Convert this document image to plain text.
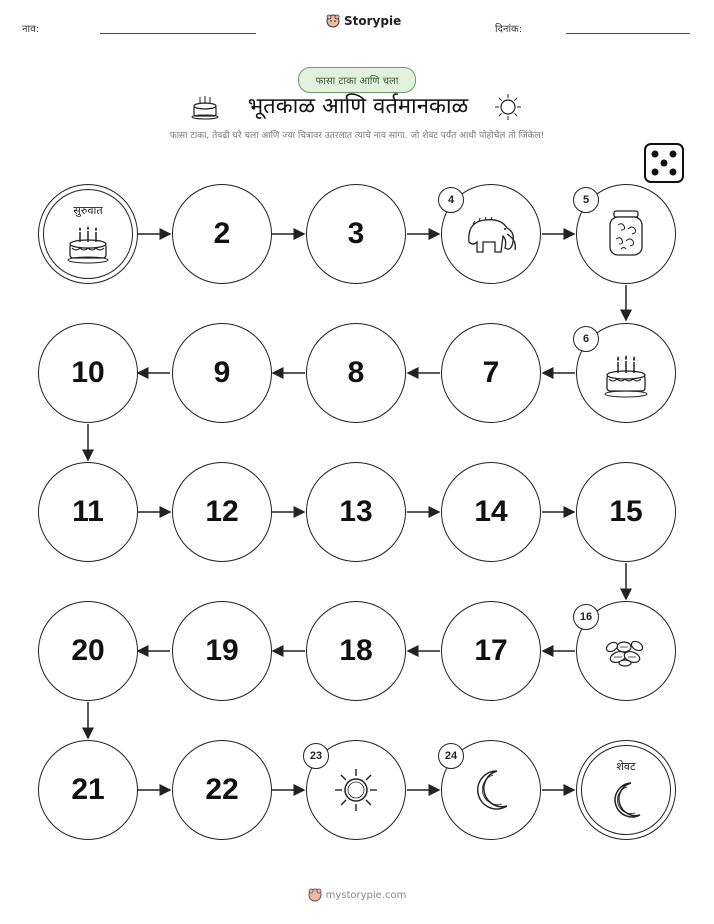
नाव:
Storypie
दिनांक:
फासा टाका आणि चला
भूतकाळ आणि वर्तमानकाळ
फासा टाका, तेवढी घरे चला आणि ज्या चित्रावर उतरलात त्याचे नाव सांगा. जो शेवट पर्यंत आधी पोहोचेल तो जिंकेल!
सुरुवात
2	3
4	5
10	9	8	7
6
11	12	13	14	15
20	19	18	17
16
21	22
23	24
शेवट
mystorypie.com
